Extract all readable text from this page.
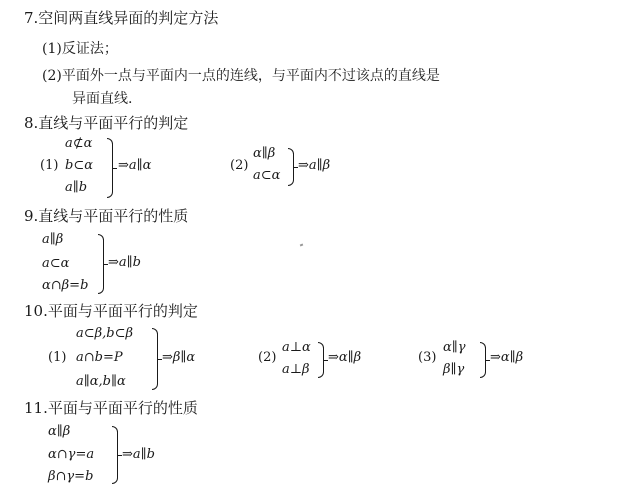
7.空间两直线异面的判定方法
(1)反证法；
(2)平面外一点与平面内一点的连线，与平面内不过该点的直线是
异面直线.
8.直线与平面平行的判定
(1)
a⊄α
b⊂α
a∥b
⇒a∥α	(2)
α∥β
a⊂α
⇒a∥β
9.直线与平面平行的性质
a∥β
a⊂α
α∩β=b
⇒a∥b
10.平面与平面平行的判定
(1)
a⊂β,b⊂β
a∩b=P
a∥α,b∥α
⇒β∥α	(2)
a⊥α
a⊥β
⇒α∥β	(3)
α∥γ
β∥γ
⇒α∥β
11.平面与平面平行的性质
α∥β
α∩γ=a
β∩γ=b
⇒a∥b
